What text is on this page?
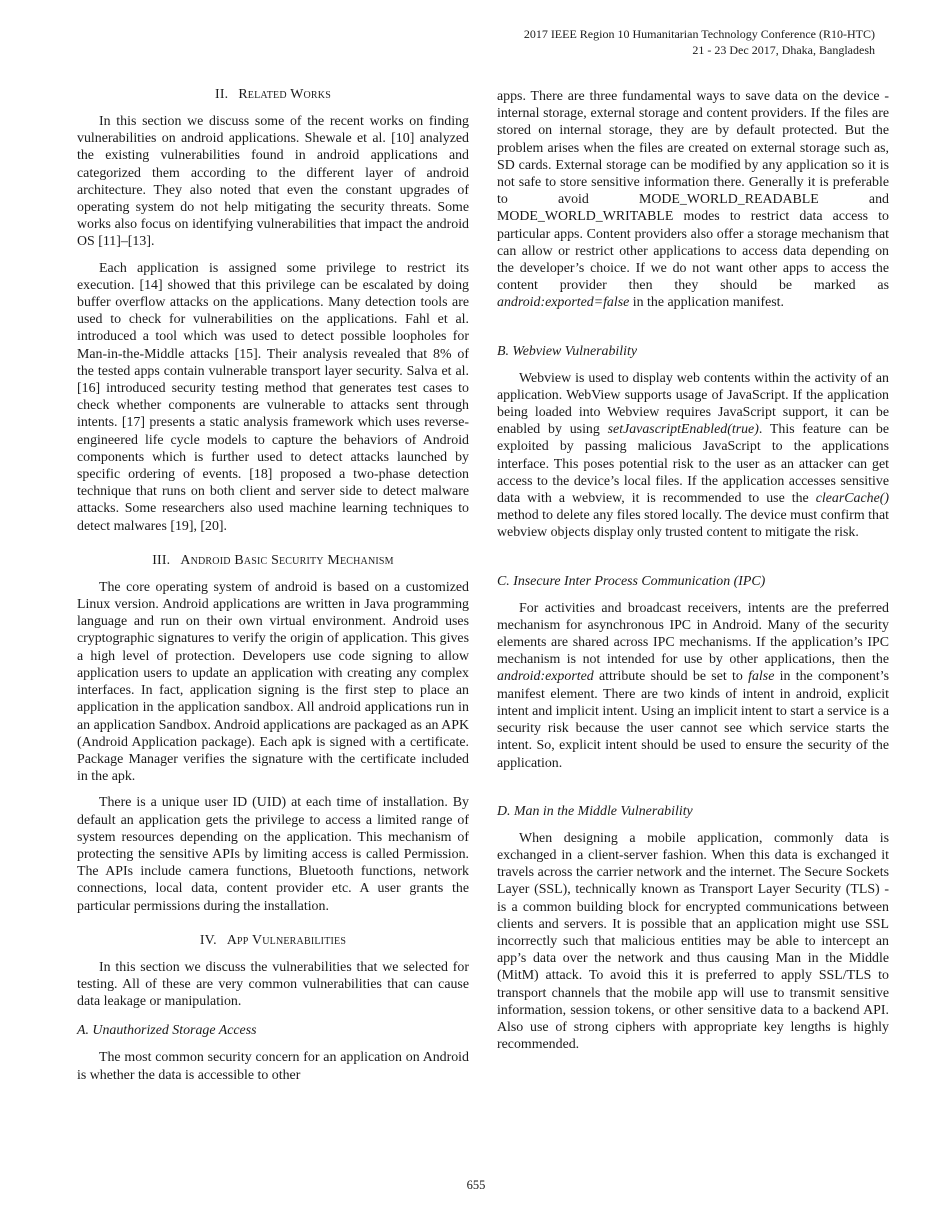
2017 IEEE Region 10 Humanitarian Technology Conference (R10-HTC)
21 - 23 Dec 2017, Dhaka, Bangladesh
II. Related Works

In this section we discuss some of the recent works on finding vulnerabilities on android applications. Shewale et al. [10] analyzed the existing vulnerabilities found in android applications and categorized them according to the different layer of android architecture. They also noted that even the constant upgrades of operating system do not help mitigating the security threats. Some works also focus on identifying vulnerabilities that impact the android OS [11]–[13].

Each application is assigned some privilege to restrict its execution. [14] showed that this privilege can be escalated by doing buffer overflow attacks on the applications. Many detection tools are used to check for vulnerabilities on the applications. Fahl et al. introduced a tool which was used to detect possible loopholes for Man-in-the-Middle attacks [15]. Their analysis revealed that 8% of the tested apps contain vulnerable transport layer security. Salva et al. [16] introduced security testing method that generates test cases to check whether components are vulnerable to attacks sent through intents. [17] presents a static analysis framework which uses reverse-engineered life cycle models to capture the behaviors of Android components which is further used to detect attacks launched by specific ordering of events. [18] proposed a two-phase detection technique that runs on both client and server side to detect malware attacks. Some researchers also used machine learning techniques to detect malwares [19], [20].

III. Android Basic Security Mechanism

The core operating system of android is based on a customized Linux version. Android applications are written in Java programming language and run on their own virtual environment. Android uses cryptographic signatures to verify the origin of application. This gives a high level of protection. Developers use code signing to allow application users to update an application with creating any complex interfaces. In fact, application signing is the first step to place an application in the application sandbox. All android applications run in an application Sandbox. Android applications are packaged as an APK (Android Application package). Each apk is signed with a certificate. Package Manager verifies the signature with the certificate included in the apk.

There is a unique user ID (UID) at each time of installation. By default an application gets the privilege to access a limited range of system resources depending on the application. This mechanism of protecting the sensitive APIs by limiting access is called Permission. The APIs include camera functions, Bluetooth functions, network connections, local data, content provider etc. A user grants the particular permissions during the installation.

IV. App Vulnerabilities

In this section we discuss the vulnerabilities that we selected for testing. All of these are very common vulnerabilities that can cause data leakage or manipulation.

A. Unauthorized Storage Access

The most common security concern for an application on Android is whether the data is accessible to other

apps. There are three fundamental ways to save data on the device - internal storage, external storage and content providers. If the files are stored on internal storage, they are by default protected. But the problem arises when the files are created on external storage such as, SD cards. External storage can be modified by any application so it is not safe to store sensitive information there. Generally it is preferable to avoid MODE_WORLD_READABLE and MODE_WORLD_WRITABLE modes to restrict data access to particular apps. Content providers also offer a storage mechanism that can allow or restrict other applications to access data depending on the developer’s choice. If we do not want other apps to access the content provider then they should be marked as android:exported=false in the application manifest.

B. Webview Vulnerability

Webview is used to display web contents within the activity of an application. WebView supports usage of JavaScript. If the application being loaded into Webview requires JavaScript support, it can be enabled by using setJavascriptEnabled(true). This feature can be exploited by passing malicious JavaScript to the applications interface. This poses potential risk to the user as an attacker can get access to the device’s local files. If the application accesses sensitive data with a webview, it is recommended to use the clearCache() method to delete any files stored locally. The device must confirm that webview objects display only trusted content to mitigate the risk.

C. Insecure Inter Process Communication (IPC)

For activities and broadcast receivers, intents are the preferred mechanism for asynchronous IPC in Android. Many of the security elements are shared across IPC mechanisms. If the application’s IPC mechanism is not intended for use by other applications, then the android:exported attribute should be set to false in the component’s manifest element. There are two kinds of intent in android, explicit intent and implicit intent. Using an implicit intent to start a service is a security risk because the user cannot see which service starts the intent. So, explicit intent should be used to ensure the security of the application.

D. Man in the Middle Vulnerability

When designing a mobile application, commonly data is exchanged in a client-server fashion. When this data is exchanged it travels across the carrier network and the internet. The Secure Sockets Layer (SSL), technically known as Transport Layer Security (TLS) - is a common building block for encrypted communications between clients and servers. It is possible that an application might use SSL incorrectly such that malicious entities may be able to intercept an app’s data over the network and thus causing Man in the Middle (MitM) attack. To avoid this it is preferred to apply SSL/TLS to transport channels that the mobile app will use to transmit sensitive information, session tokens, or other sensitive data to a backend API. Also use of strong ciphers with appropriate key lengths is highly recommended.

655
